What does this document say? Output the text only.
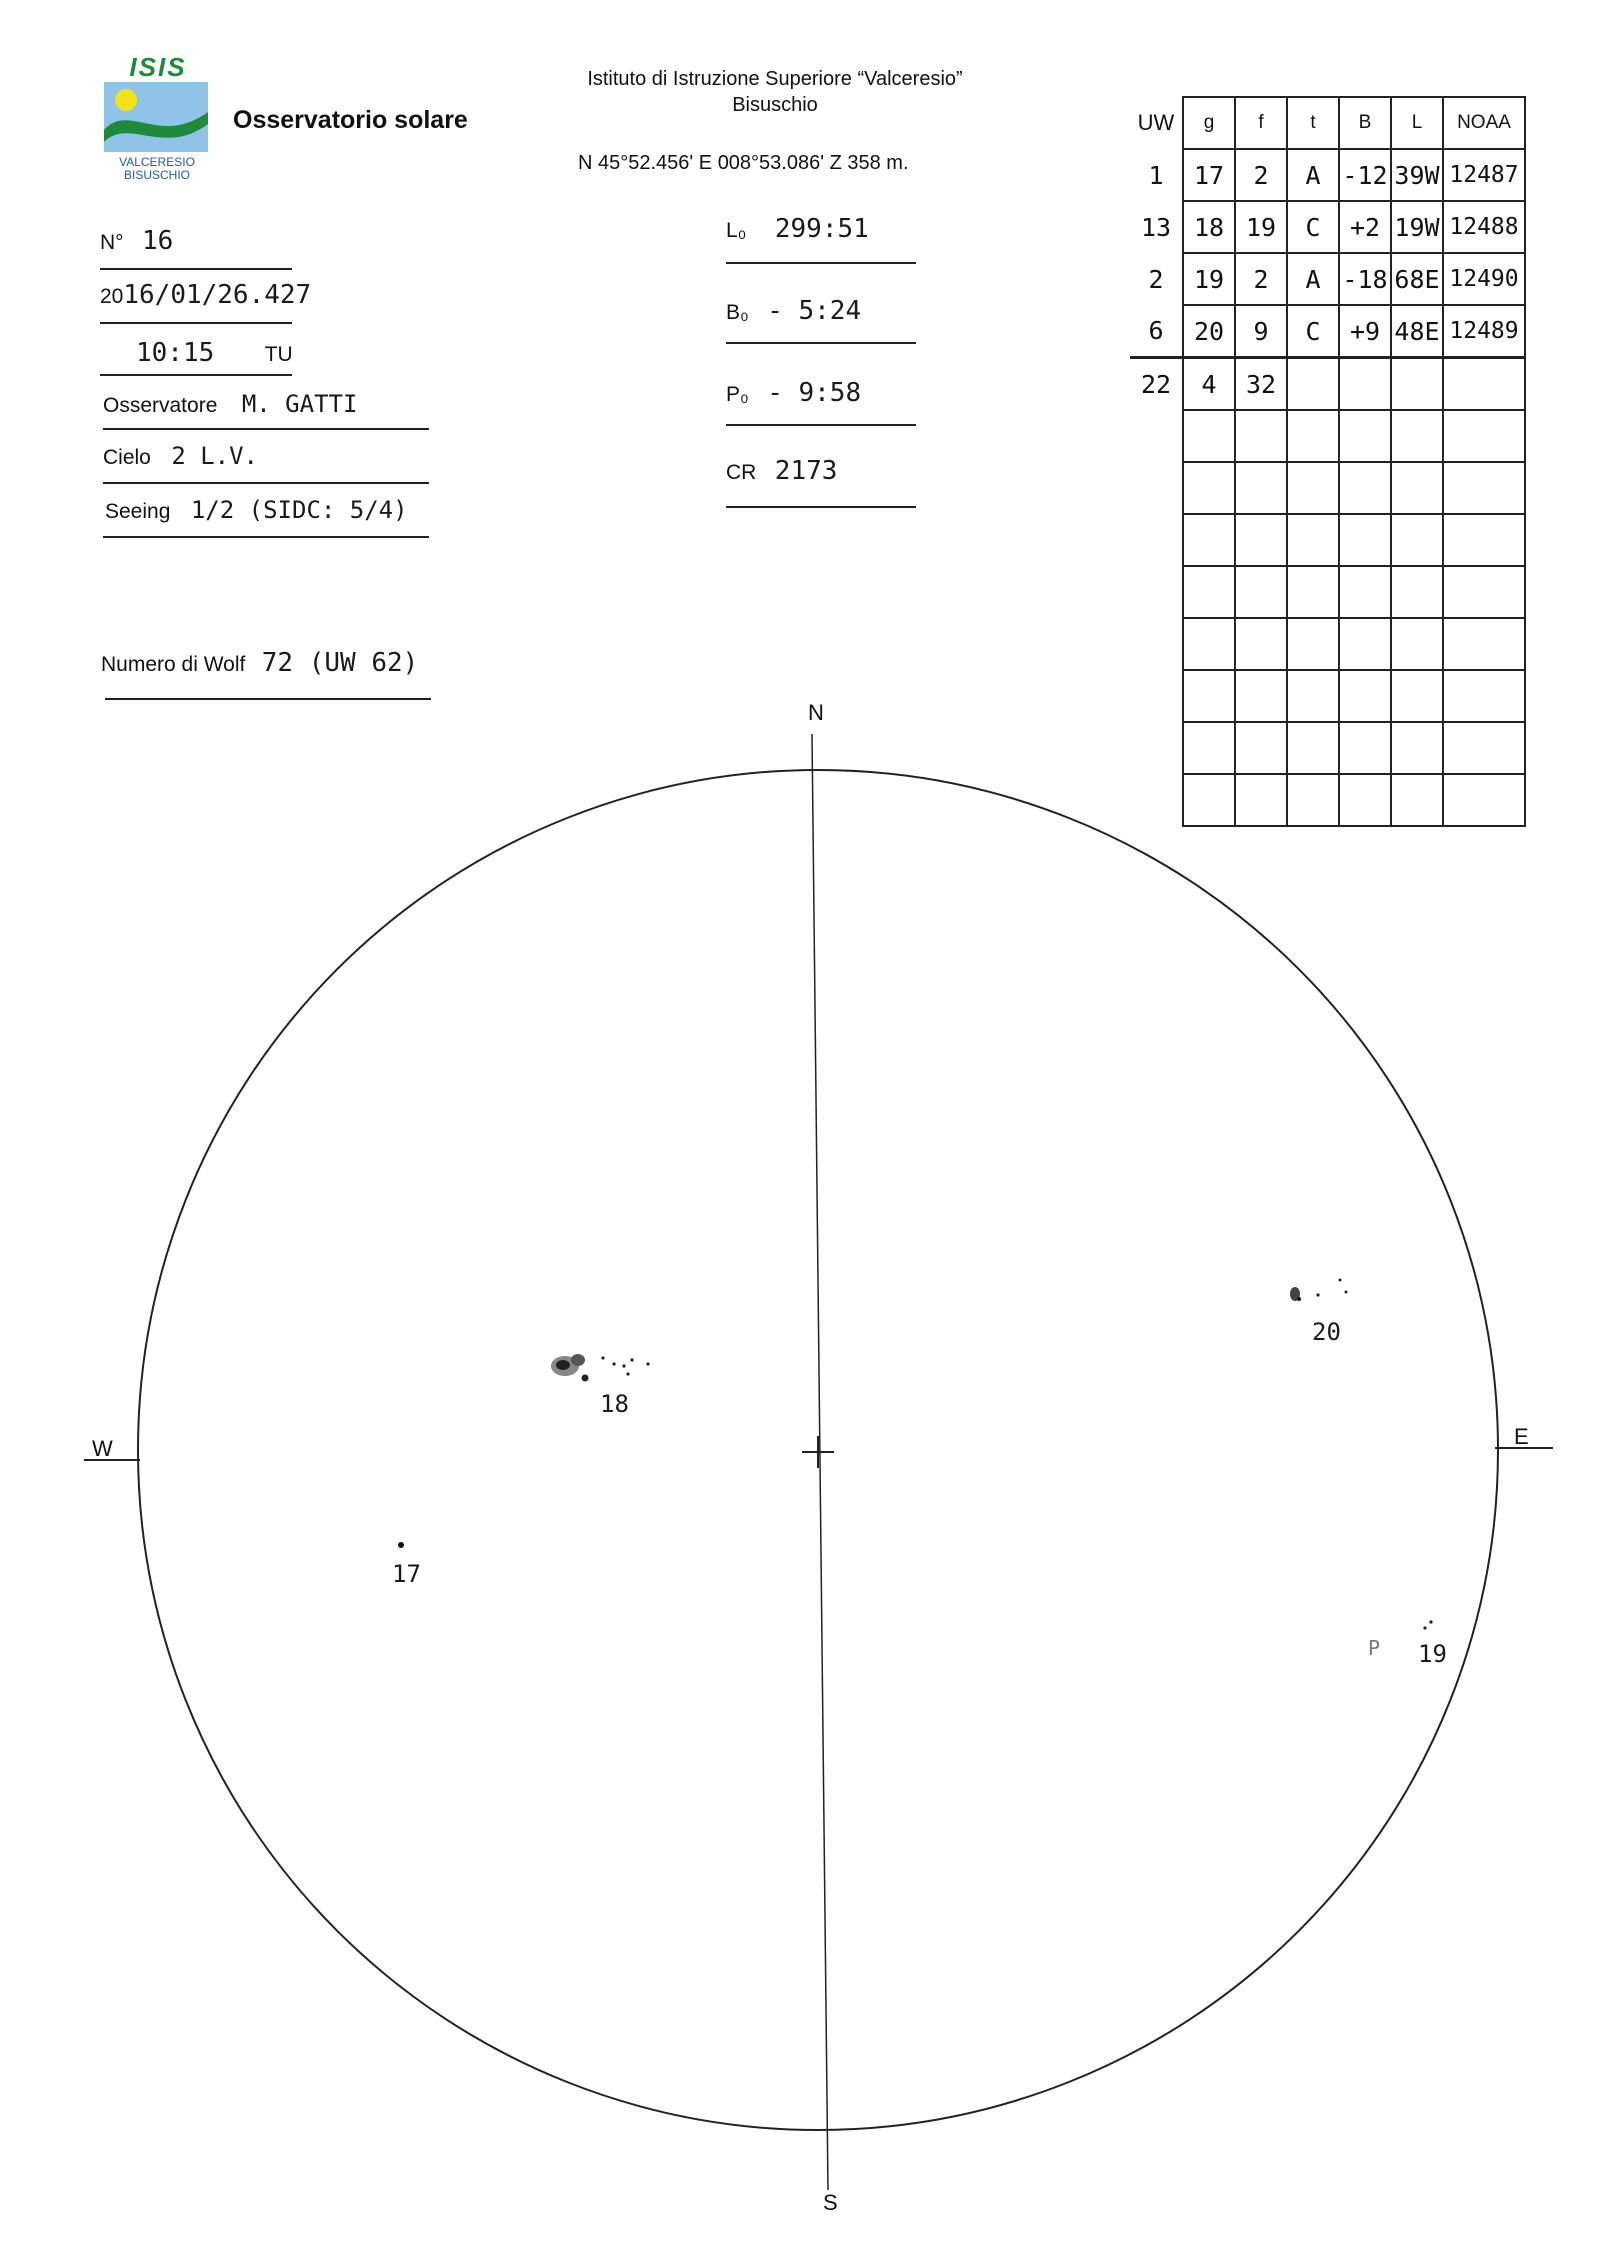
ISIS
VALCERESIO
BISUSCHIO
Osservatorio solare
Istituto di Istruzione Superiore “Valceresio”
Bisuschio
N 45°52.456' E 008°53.086' Z 358 m.
N° 16
2016/01/26.427
10:15 TU
Osservatore M. GATTI
Cielo 2 L.V.
Seeing 1/2 (SIDC: 5/4)
Numero di Wolf 72 (UW 62)
L₀ 299:51
B₀ - 5:24
P₀ - 9:58
CR 2173
UW	g	f	t	B	L	NOAA
1	17	2	A	-12	39W	12487
13	18	19	C	+2	19W	12488
2	19	2	A	-18	68E	12490
6	20	9	C	+9	48E	12489
22	4	32				

N
S
W	E
18
20
17
19
P
